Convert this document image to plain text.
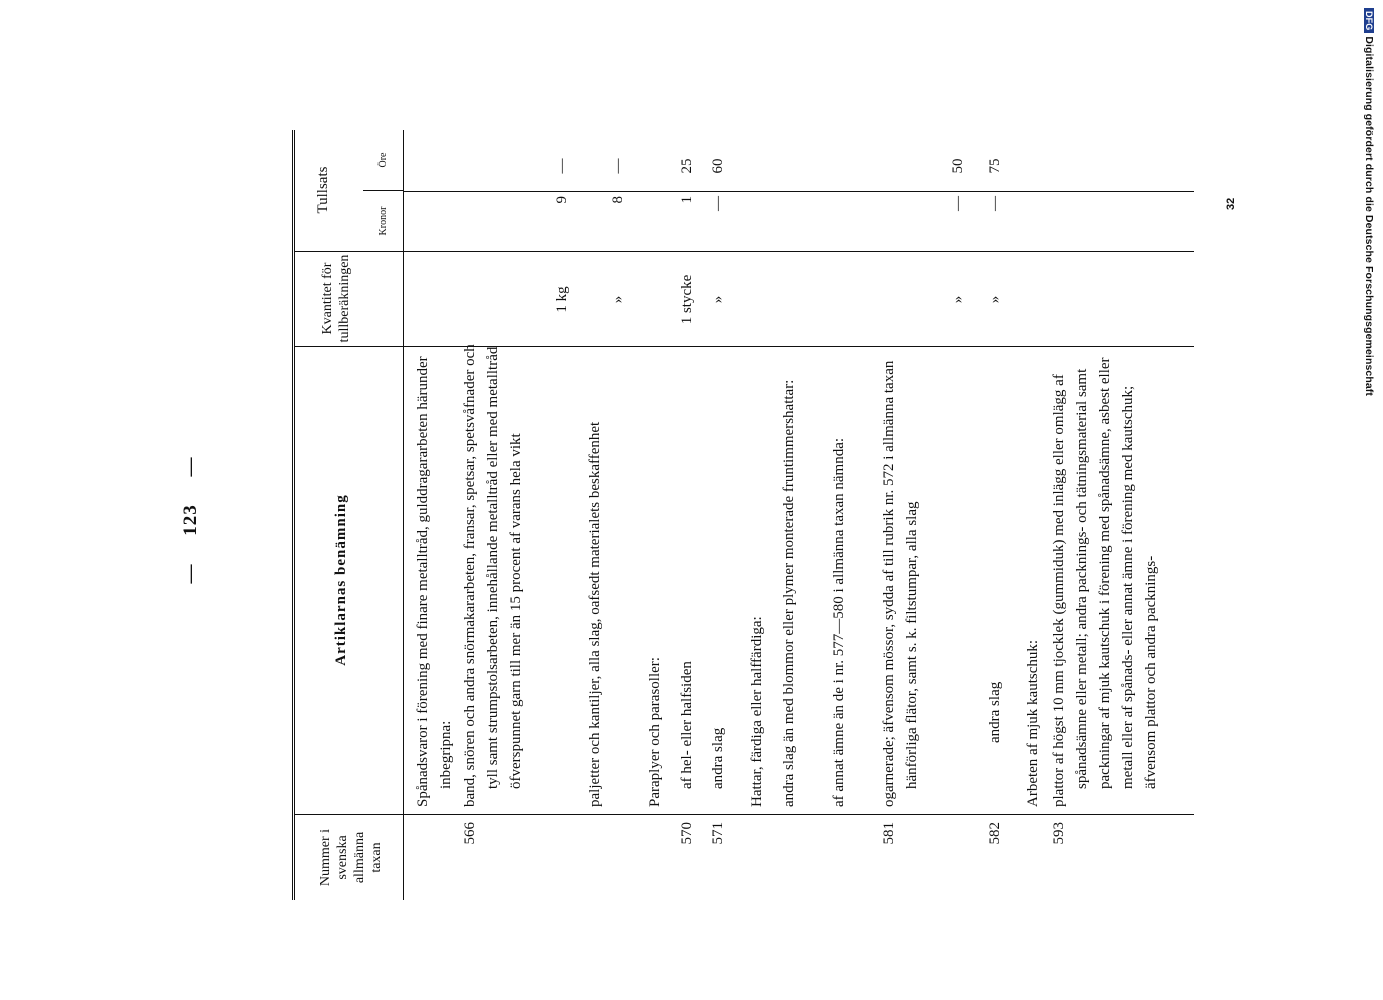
DFGDigitalisierung gefördert durch die Deutsche Forschungsgemeinschaft
— 123 —
Nummer i svenska allmänna taxan
Artiklarnas benämning
Kvantitet för tullberäkningen
Tullsats
Kronor
Öre
Spånadsvaror i förening med finare metalltråd, gulddragararbeten härunder inbegripna:
566
band, snören och andra snörmakararbeten, fransar, spetsar, spetsvåfnader och tyll samt strumpstolsarbeten, innehållande metalltråd eller med metalltråd öfverspunnet garn till mer än 15 procent af varans hela vikt
1 kg
9
—
paljetter och kantiljer, alla slag, oafsedt materialets beskaffenhet
»
8
—
Paraplyer och parasoller:
570
af hel- eller halfsiden
1 stycke
1
25
571
andra slag
»
—
60
Hattar, färdiga eller halffärdiga: andra slag än med blommor eller plymer monterade fruntimmershattar: af annat ämne än de i nr. 577—580 i allmänna taxan nämnda:
581
ogarnerade; äfvensom mössor, sydda af till rubrik nr. 572 i allmänna taxan hänförliga flätor, samt s. k. filtstumpar, alla slag
»
—
50
582
andra slag
»
—
75
Arbeten af mjuk kautschuk:
593
plattor af högst 10 mm tjocklek (gummiduk) med inlägg eller omlägg af spånadsämne eller metall; andra packnings- och tätningsmaterial samt packningar af mjuk kautschuk i förening med spånadsämne, asbest eller metall eller af spånads- eller annat ämne i förening med kautschuk; äfvensom plattor och andra packnings-
32
